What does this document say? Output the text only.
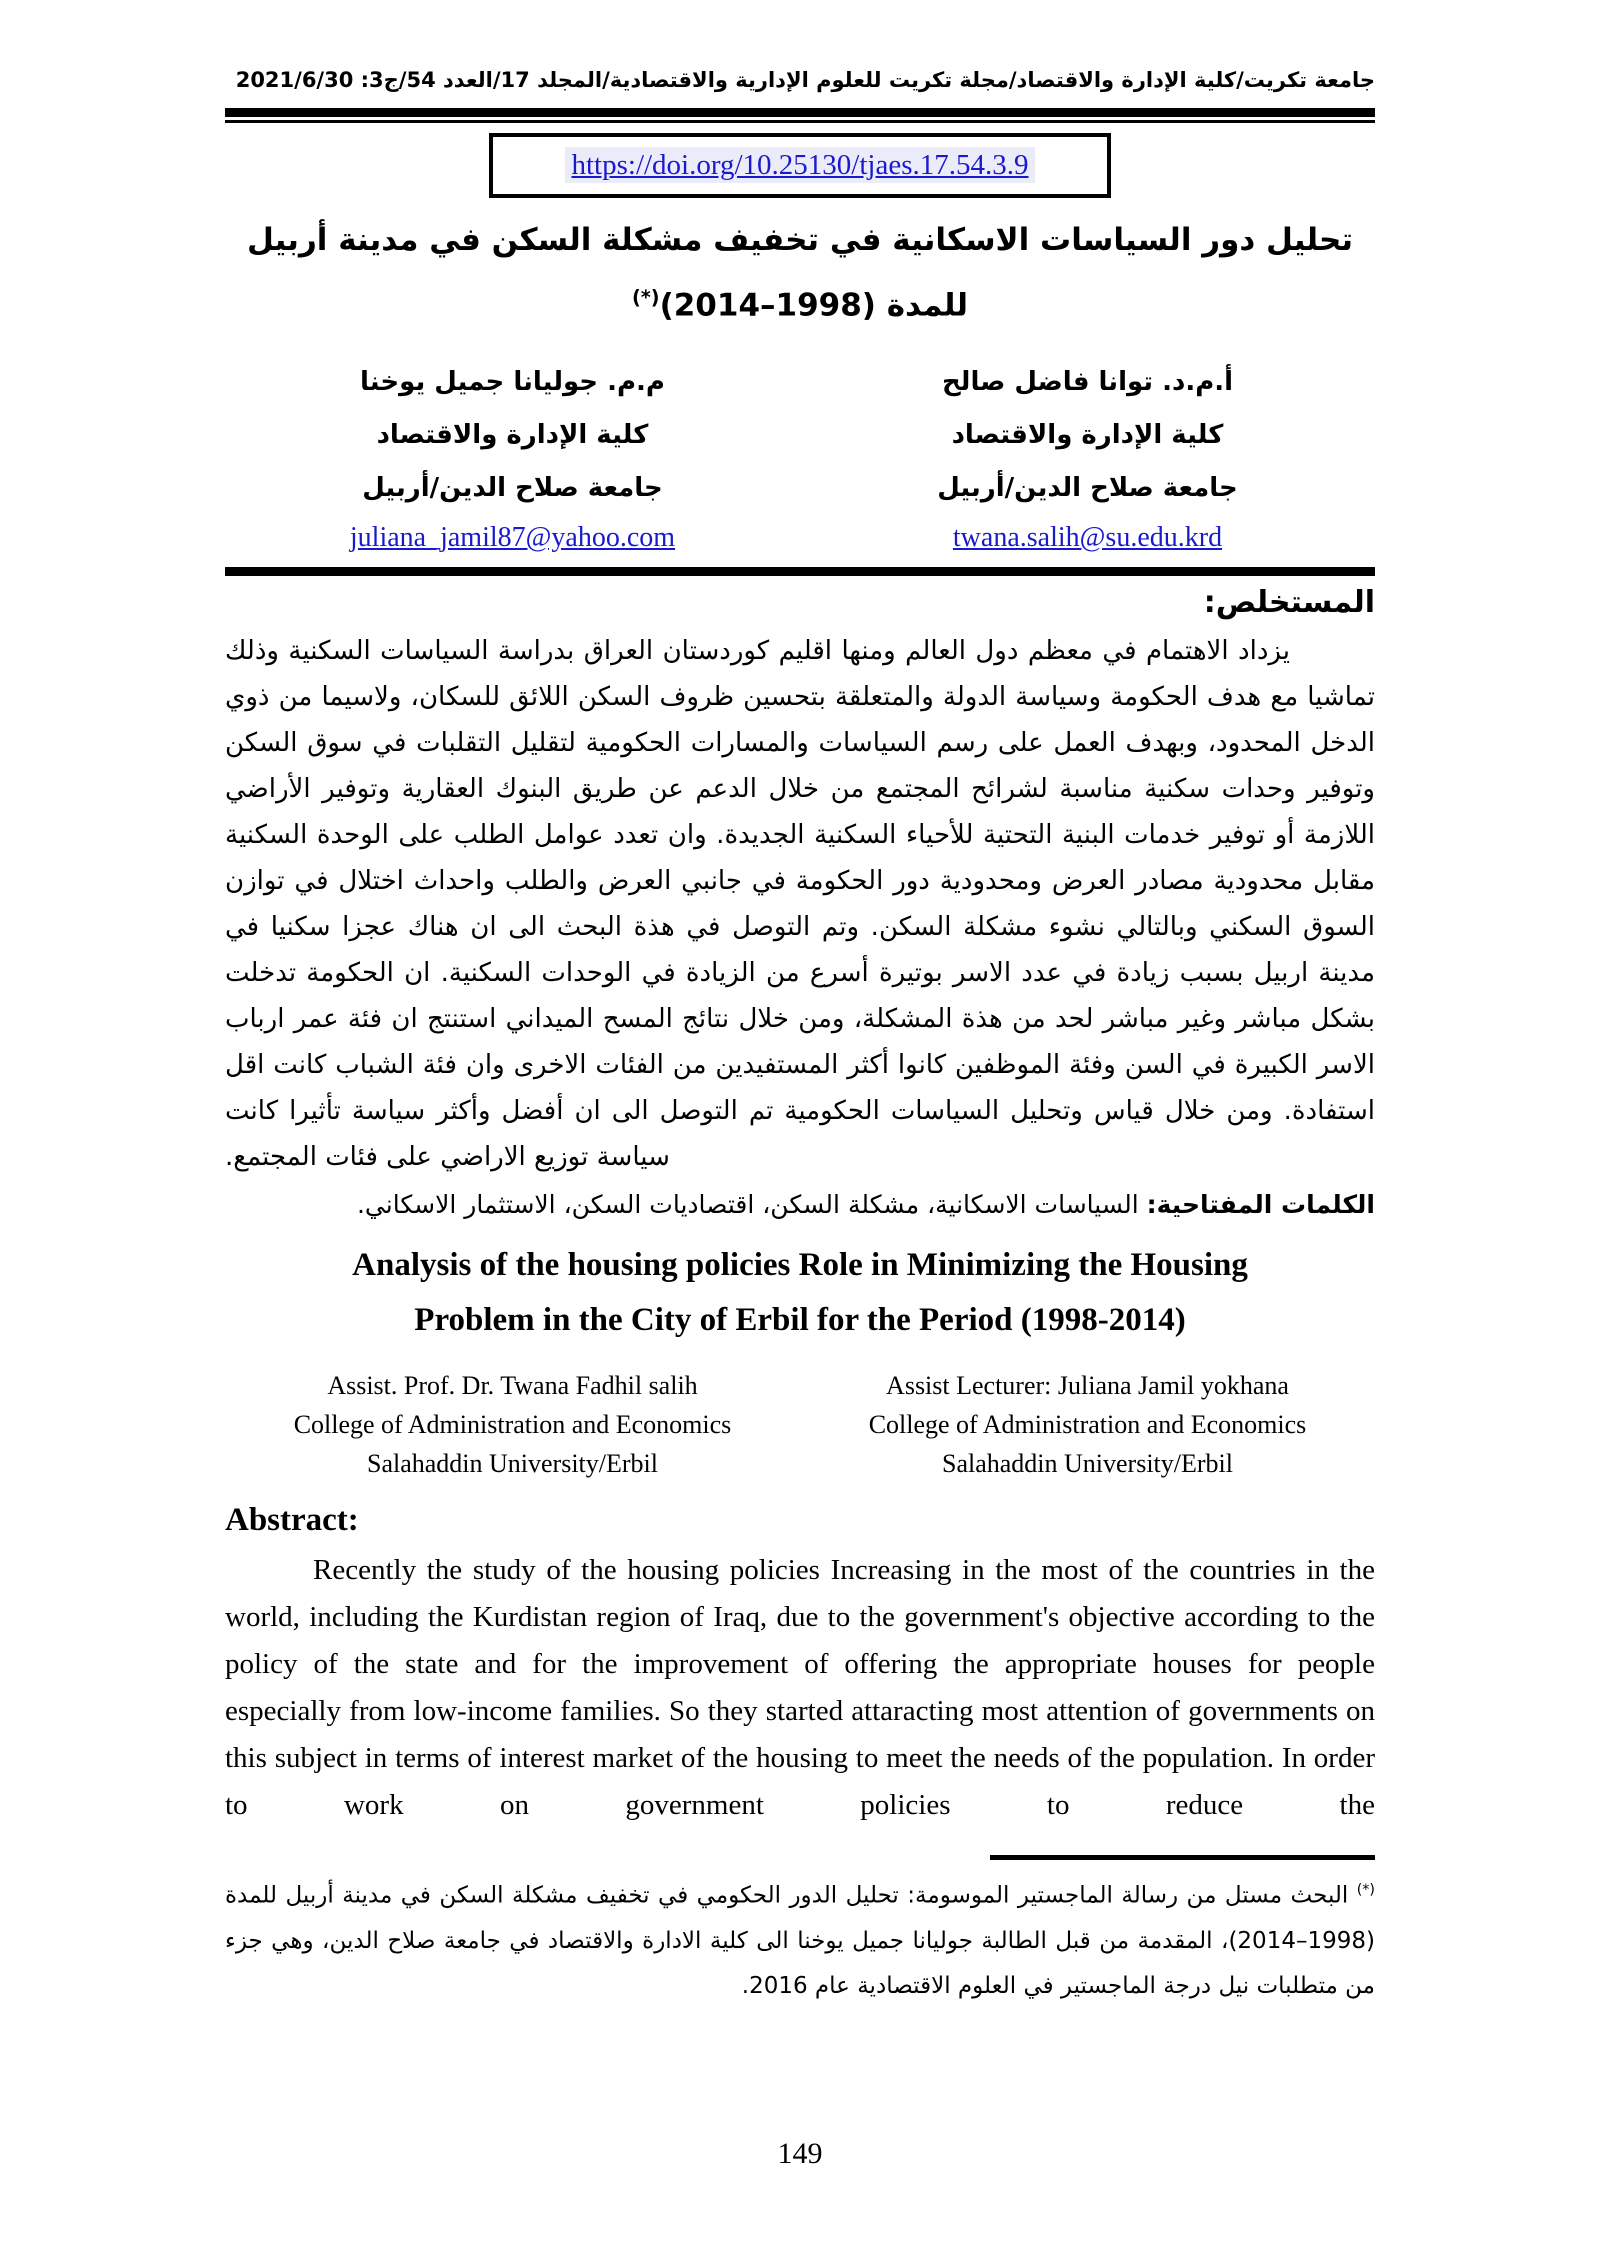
جامعة تكريت/كلية الإدارة والاقتصاد/مجلة تكريت للعلوم الإدارية والاقتصادية/المجلد 17/العدد 54/ج3: 2021/6/30
https://doi.org/10.25130/tjaes.17.54.3.9
تحليل دور السياسات الاسكانية في تخفيف مشكلة السكن في مدينة أربيل
للمدة (1998–2014)(*)
أ.م.د. توانا فاضل صالح
كلية الإدارة والاقتصاد
جامعة صلاح الدين/أربيل
twana.salih@su.edu.krd
م.م. جوليانا جميل يوخنا
كلية الإدارة والاقتصاد
جامعة صلاح الدين/أربيل
juliana_jamil87@yahoo.com
المستخلص:

يزداد الاهتمام في معظم دول العالم ومنها اقليم كوردستان العراق بدراسة السياسات السكنية وذلك تماشيا مع هدف الحكومة وسياسة الدولة والمتعلقة بتحسين ظروف السكن اللائق للسكان، ولاسيما من ذوي الدخل المحدود، وبهدف العمل على رسم السياسات والمسارات الحكومية لتقليل التقلبات في سوق السكن وتوفير وحدات سكنية مناسبة لشرائح المجتمع من خلال الدعم عن طريق البنوك العقارية وتوفير الأراضي اللازمة أو توفير خدمات البنية التحتية للأحياء السكنية الجديدة. وان تعدد عوامل الطلب على الوحدة السكنية مقابل محدودية مصادر العرض ومحدودية دور الحكومة في جانبي العرض والطلب واحداث اختلال في توازن السوق السكني وبالتالي نشوء مشكلة السكن. وتم التوصل في هذة البحث الى ان هناك عجزا سكنيا في مدينة اربيل بسبب زيادة في عدد الاسر بوتيرة أسرع من الزيادة في الوحدات السكنية. ان الحكومة تدخلت بشكل مباشر وغير مباشر لحد من هذة المشكلة، ومن خلال نتائج المسح الميداني استنتج ان فئة عمر ارباب الاسر الكبيرة في السن وفئة الموظفين كانوا أكثر المستفيدين من الفئات الاخرى وان فئة الشباب كانت اقل استفادة. ومن خلال قياس وتحليل السياسات الحكومية تم التوصل الى ان أفضل وأكثر سياسة تأثيرا كانت سياسة توزيع الاراضي على فئات المجتمع.

الكلمات المفتاحية: السياسات الاسكانية، مشكلة السكن، اقتصاديات السكن، الاستثمار الاسكاني.

Analysis of the housing policies Role in Minimizing the Housing
Problem in the City of Erbil for the Period (1998-2014)
Assist. Prof. Dr. Twana Fadhil salih
College of Administration and Economics
Salahaddin University/Erbil
Assist Lecturer: Juliana Jamil yokhana
College of Administration and Economics
Salahaddin University/Erbil
Abstract:

Recently the study of the housing policies Increasing in the most of the countries in the world, including the Kurdistan region of Iraq, due to the government's objective according to the policy of the state and for the improvement of offering the appropriate houses for people especially from low-income families. So they started attaracting most attention of governments on this subject in terms of interest market of the housing to meet the needs of the population. In order to work on government policies to reduce the

(*) البحث مستل من رسالة الماجستير الموسومة: تحليل الدور الحكومي في تخفيف مشكلة السكن في مدينة أربيل للمدة (1998–2014)، المقدمة من قبل الطالبة جوليانا جميل يوخنا الى كلية الادارة والاقتصاد في جامعة صلاح الدين، وهي جزء من متطلبات نيل درجة الماجستير في العلوم الاقتصادية عام 2016.

149
